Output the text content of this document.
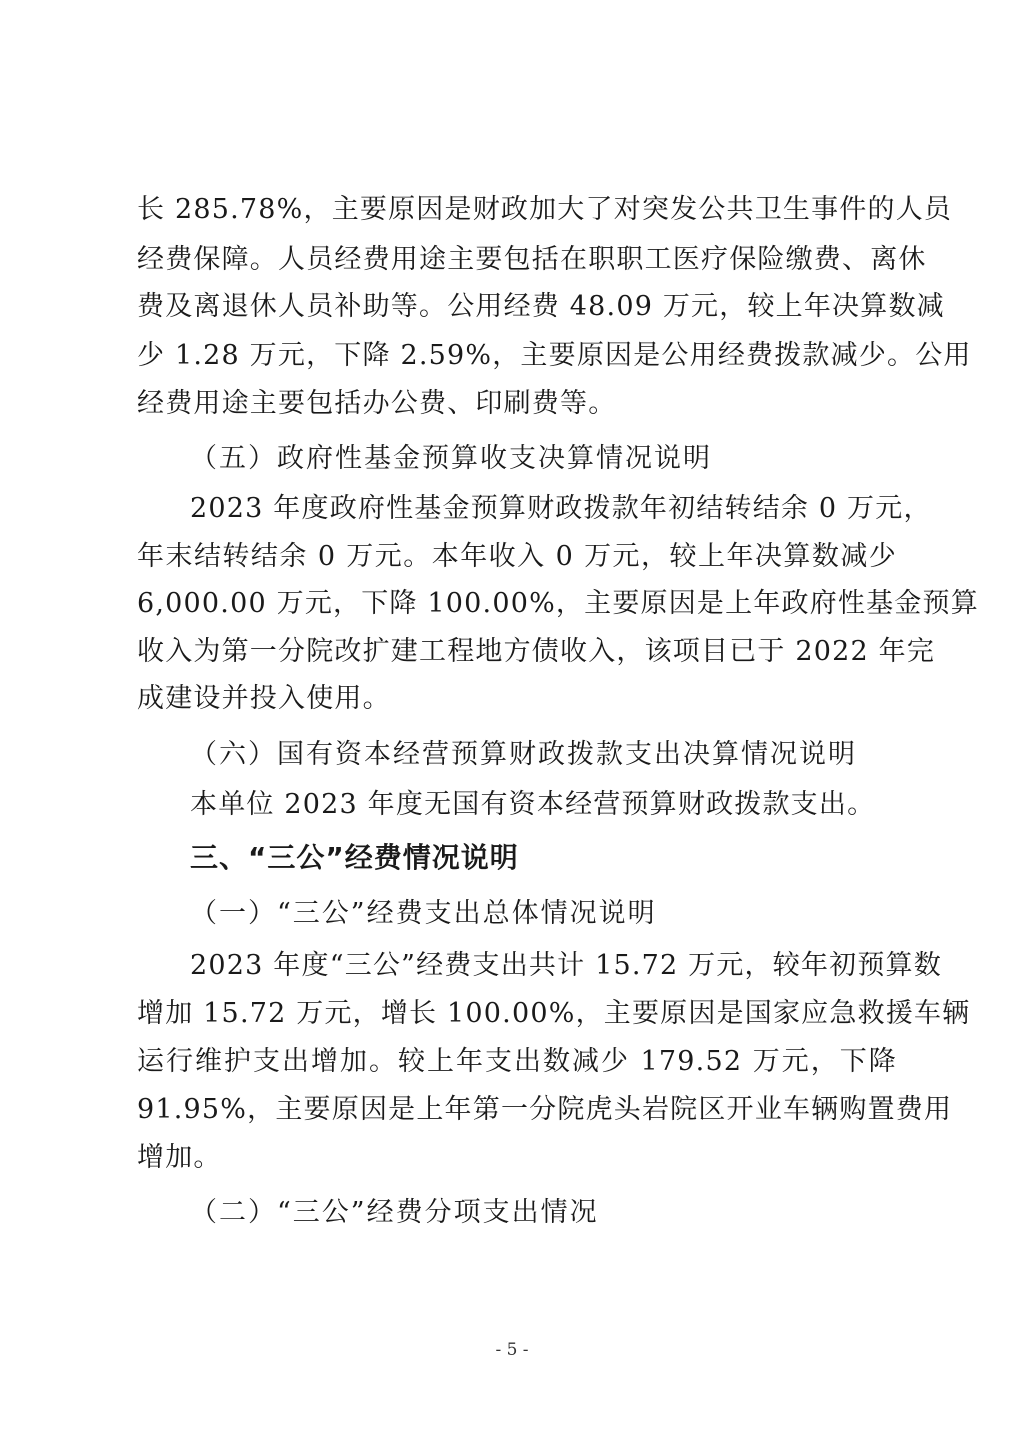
长 285.78%，主要原因是财政加大了对突发公共卫生事件的人员
经费保障。人员经费用途主要包括在职职工医疗保险缴费、离休
费及离退休人员补助等。公用经费 48.09 万元，较上年决算数减
少 1.28 万元，下降 2.59%，主要原因是公用经费拨款减少。公用
经费用途主要包括办公费、印刷费等。
（五）政府性基金预算收支决算情况说明
2023 年度政府性基金预算财政拨款年初结转结余 0 万元，
年末结转结余 0 万元。本年收入 0 万元，较上年决算数减少
6,000.00 万元，下降 100.00%，主要原因是上年政府性基金预算
收入为第一分院改扩建工程地方债收入，该项目已于 2022 年完
成建设并投入使用。
（六）国有资本经营预算财政拨款支出决算情况说明
本单位 2023 年度无国有资本经营预算财政拨款支出。
三、“三公”经费情况说明
（一）“三公”经费支出总体情况说明
2023 年度“三公”经费支出共计 15.72 万元，较年初预算数
增加 15.72 万元，增长 100.00%，主要原因是国家应急救援车辆
运行维护支出增加。较上年支出数减少 179.52 万元，下降
91.95%，主要原因是上年第一分院虎头岩院区开业车辆购置费用
增加。
（二）“三公”经费分项支出情况
- 5 -
